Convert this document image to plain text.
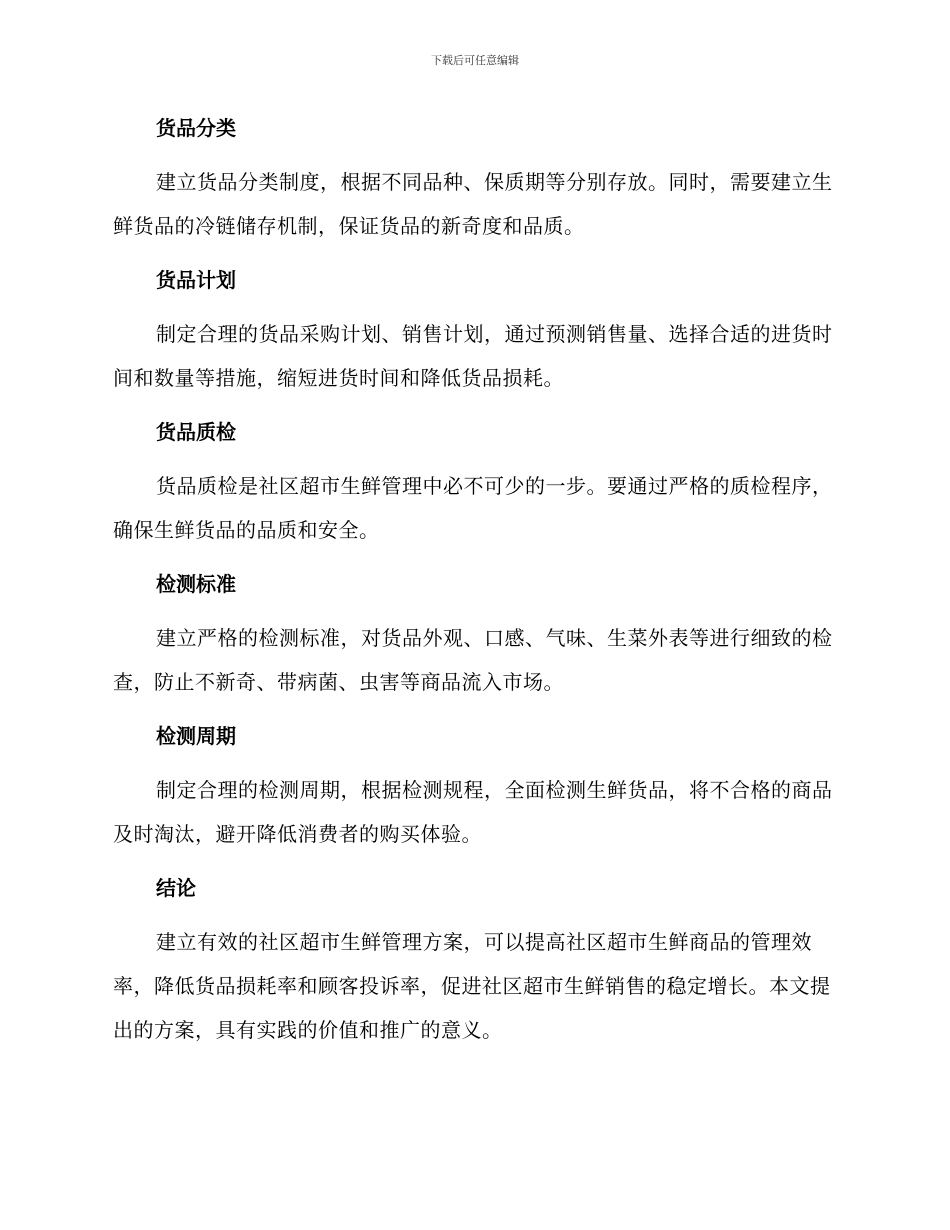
下载后可任意编辑
货品分类

建立货品分类制度，根据不同品种、保质期等分别存放。同时，需要建立生鲜货品的冷链储存机制，保证货品的新奇度和品质。

货品计划

制定合理的货品采购计划、销售计划，通过预测销售量、选择合适的进货时间和数量等措施，缩短进货时间和降低货品损耗。

货品质检

货品质检是社区超市生鲜管理中必不可少的一步。要通过严格的质检程序，确保生鲜货品的品质和安全。

检测标准

建立严格的检测标准，对货品外观、口感、气味、生菜外表等进行细致的检查，防止不新奇、带病菌、虫害等商品流入市场。

检测周期

制定合理的检测周期，根据检测规程，全面检测生鲜货品，将不合格的商品及时淘汰，避开降低消费者的购买体验。

结论

建立有效的社区超市生鲜管理方案，可以提高社区超市生鲜商品的管理效率，降低货品损耗率和顾客投诉率，促进社区超市生鲜销售的稳定增长。本文提出的方案，具有实践的价值和推广的意义。
